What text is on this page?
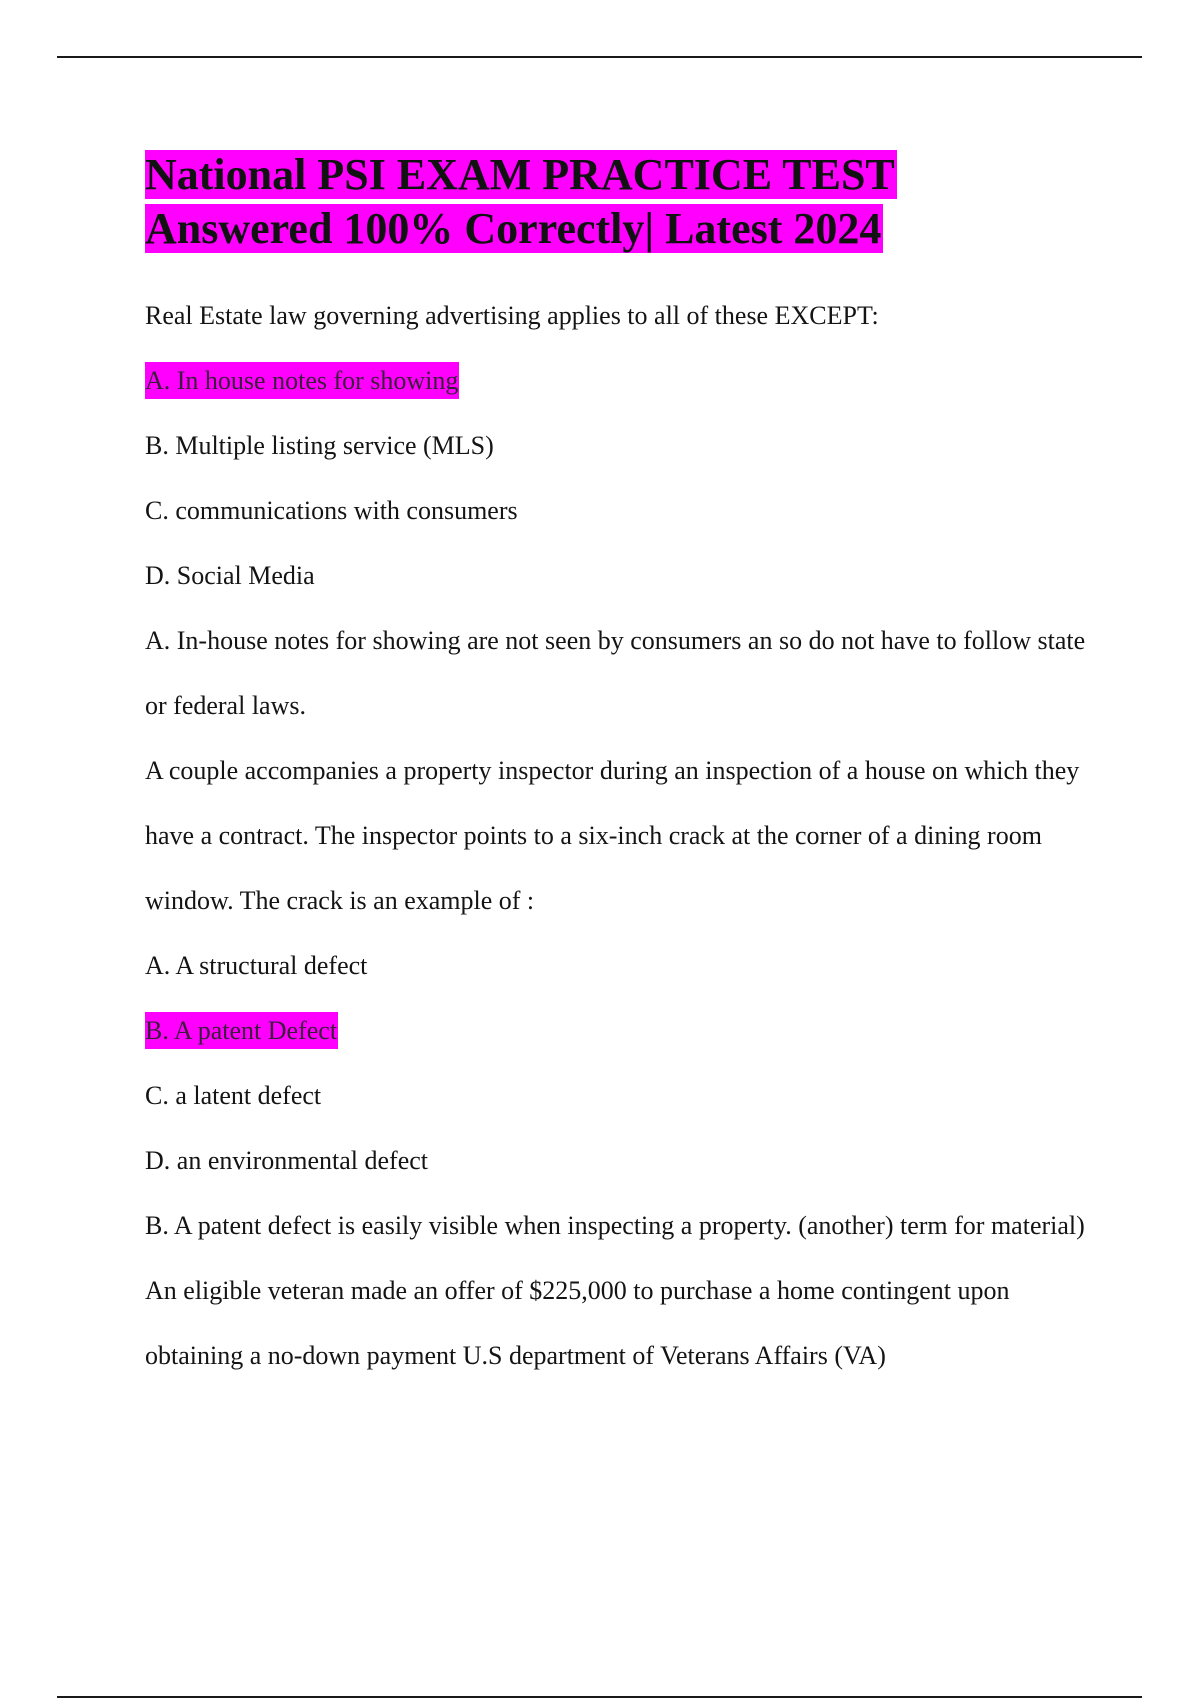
National PSI EXAM PRACTICE TEST
Answered 100% Correctly| Latest 2024

Real Estate law governing advertising applies to all of these EXCEPT:

A. In house notes for showing

B. Multiple listing service (MLS)

C. communications with consumers

D. Social Media

A. In-house notes for showing are not seen by consumers an so do not have to follow state or federal laws.

A couple accompanies a property inspector during an inspection of a house on which they have a contract. The inspector points to a six-inch crack at the corner of a dining room window. The crack is an example of :

A. A structural defect

B. A patent Defect

C. a latent defect

D. an environmental defect

B. A patent defect is easily visible when inspecting a property. (another) term for material)

An eligible veteran made an offer of $225,000 to purchase a home contingent upon obtaining a no-down payment U.S department of Veterans Affairs (VA)
